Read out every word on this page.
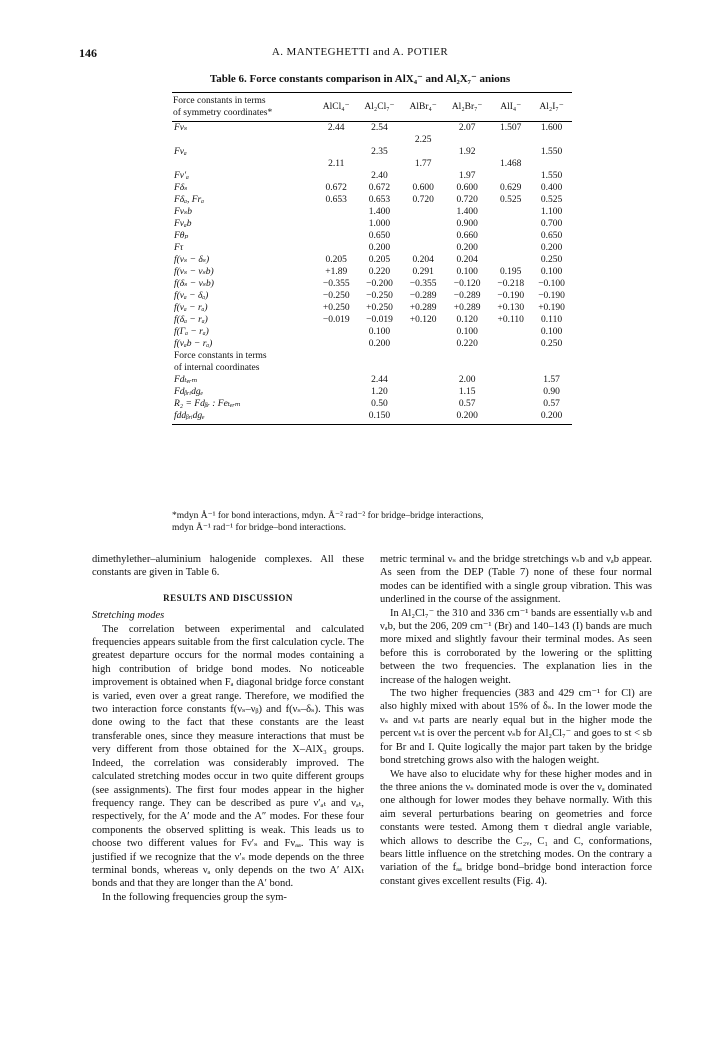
146	A. MANTEGHETTI and A. POTIER
Table 6. Force constants comparison in AlX₄⁻ and Al₂X₇⁻ anions
Force constants in terms
of symmetry coordinates*	AlCl₄⁻	Al₂Cl₇⁻	AlBr₄⁻	Al₂Br₇⁻	AlI₄⁻	Al₂I₇⁻
Fνₛ	2.44	2.54		2.07	1.507	1.600
			2.25			
Fνₐ		2.35		1.92		1.550
	2.11		1.77		1.468	
Fν′ₐ		2.40		1.97		1.550
Fδₛ	0.672	0.672	0.600	0.600	0.629	0.400
Fδₐ, Frₐ	0.653	0.653	0.720	0.720	0.525	0.525
Fνₛb		1.400		1.400		1.100
Fνₐb		1.000		0.900		0.700
Fθₚ		0.650		0.660		0.650
Fτ		0.200		0.200		0.200
f(νₛ − δₛ)	0.205	0.205	0.204	0.204		0.250
f(νₛ − νₛb)	+1.89	0.220	0.291	0.100	0.195	0.100
f(δₛ − νₛb)	−0.355	−0.200	−0.355	−0.120	−0.218	−0.100
f(νₐ − δₐ)	−0.250	−0.250	−0.289	−0.289	−0.190	−0.190
f(νₐ − rₐ)	+0.250	+0.250	+0.289	+0.289	+0.130	+0.190
f(δₐ − rₐ)	−0.019	−0.019	+0.120	0.120	+0.110	0.110
f(Γₐ − rₐ)		0.100		0.100		0.100
f(νₐb − rₐ)		0.200		0.220		0.250
Force constants in terms						
of internal coordinates						
Fdₜₑᵣₘ		2.44		2.00		1.57
Fdᵦᵣᵢdgₑ		1.20		1.15		0.90
R₂ = Fdᵦᵣ : Feₜₑᵣₘ		0.50		0.57		0.57
fddᵦᵣᵢdgₑ		0.150		0.200		0.200
*mdyn Å⁻¹ for bond interactions, mdyn. Å⁻² rad⁻² for bridge–bridge interactions,
mdyn Å⁻¹ rad⁻¹ for bridge–bond interactions.

dimethylether–aluminium halogenide complexes. All these constants are given in Table 6.

RESULTS AND DISCUSSION

Stretching modes

The correlation between experimental and calculated frequencies appears suitable from the first calculation cycle. The greatest departure occurs for the normal modes containing a high contribution of bridge bond modes. No noticeable improvement is obtained when Fₐ diagonal bridge force constant is varied, even over a great range. Therefore, we modified the two interaction force constants f(νₛ–νᵦ) and f(νₛ–δₛ). This was done owing to the fact that these constants are the least transferable ones, since they measure interactions that must be very different from those obtained for the X–AlX₃ groups. Indeed, the correlation was considerably improved. The calculated stretching modes occur in two quite different groups (see assignments). The first four modes appear in the higher frequency range. They can be described as pure ν′ₐₜ and νₐₜ, respectively, for the A′ mode and the A″ modes. For these four components the observed splitting is weak. This leads us to choose two different values for Fν′ₛ and Fνₐₐ. This way is justified if we recognize that the ν′ₛ mode depends on the three terminal bonds, whereas νₐ only depends on the two A′ AlXₜ bonds and that they are longer than the A′ bond.

In the following frequencies group the sym-

metric terminal νₛ and the bridge stretchings νₛb and νₐb appear. As seen from the DEP (Table 7) none of these four normal modes can be identified with a single group vibration. This was underlined in the course of the assignment.

In Al₂Cl₇⁻ the 310 and 336 cm⁻¹ bands are essentially νₛb and νₐb, but the 206, 209 cm⁻¹ (Br) and 140–143 (I) bands are much more mixed and slightly favour their terminal modes. As seen before this is corroborated by the lowering or the splitting between the two frequencies. The explanation lies in the increase of the halogen weight.

The two higher frequencies (383 and 429 cm⁻¹ for Cl) are also highly mixed with about 15% of δₛ. In the lower mode the νₛ and νₛt parts are nearly equal but in the higher mode the percent νₛt is over the percent νₛb for Al₂Cl₇⁻ and goes to st < sb for Br and I. Quite logically the major part taken by the bridge bond stretching grows also with the halogen weight.

We have also to elucidate why for these higher modes and in the three anions the νₛ dominated mode is over the νₐ dominated one although for lower modes they behave normally. With this aim several perturbations bearing on geometries and force constants were tested. Among them τ diedral angle variable, which allows to describe the C₂ᵥ, C₁ and C, conformations, bears little influence on the stretching modes. On the contrary a variation of the fₐₐ bridge bond–bridge bond interaction force constant gives excellent results (Fig. 4).
